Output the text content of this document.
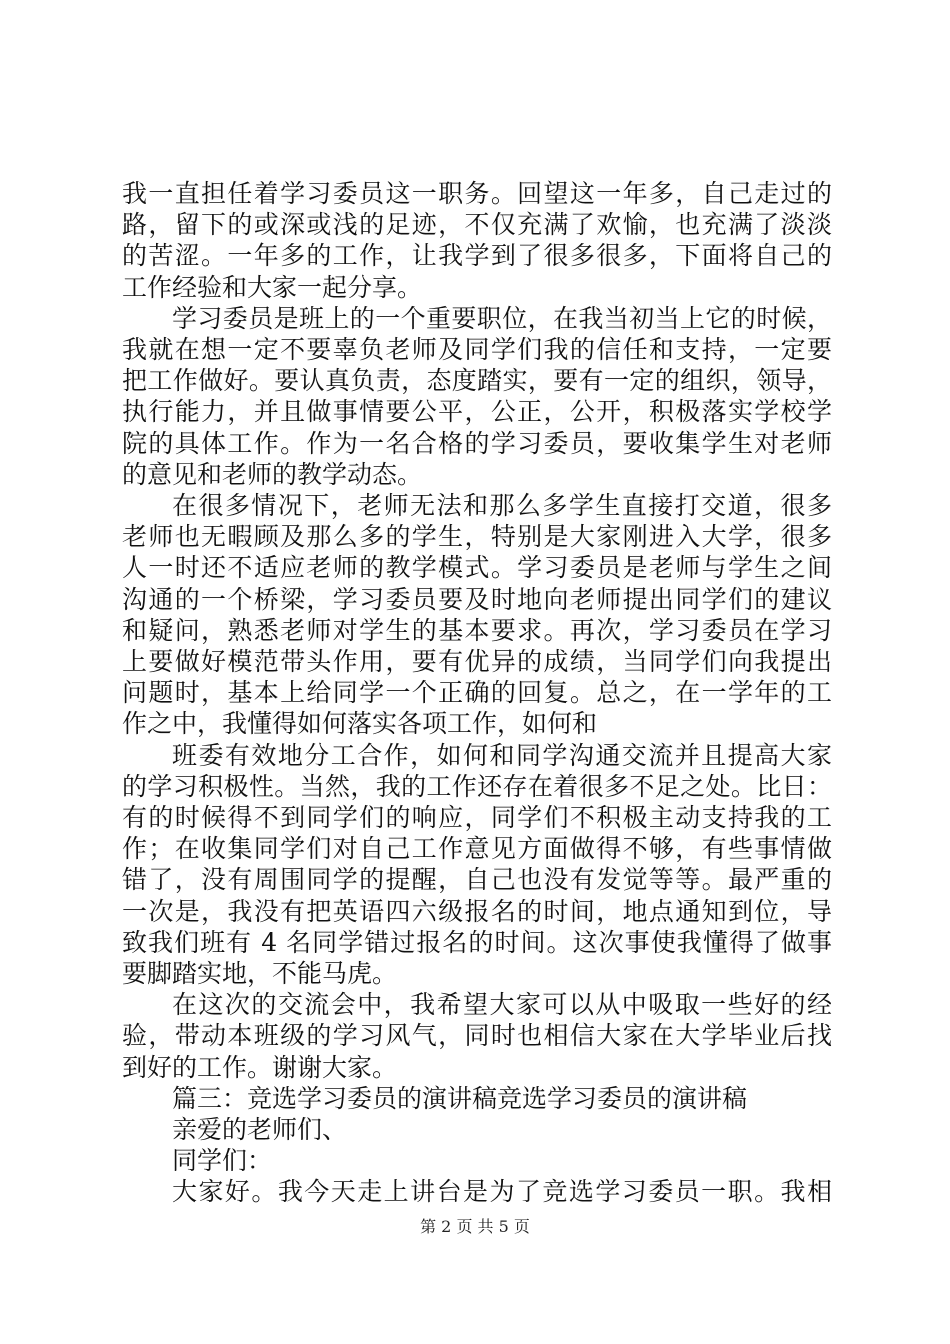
我一直担任着学习委员这一职务。回望这一年多，自己走过的
路，留下的或深或浅的足迹，不仅充满了欢愉，也充满了淡淡
的苦涩。一年多的工作，让我学到了很多很多，下面将自己的
工作经验和大家一起分享。
学习委员是班上的一个重要职位，在我当初当上它的时候，
我就在想一定不要辜负老师及同学们我的信任和支持，一定要
把工作做好。要认真负责，态度踏实，要有一定的组织，领导，
执行能力，并且做事情要公平，公正，公开，积极落实学校学
院的具体工作。作为一名合格的学习委员，要收集学生对老师
的意见和老师的教学动态。
在很多情况下，老师无法和那么多学生直接打交道，很多
老师也无暇顾及那么多的学生，特别是大家刚进入大学，很多
人一时还不适应老师的教学模式。学习委员是老师与学生之间
沟通的一个桥梁，学习委员要及时地向老师提出同学们的建议
和疑问，熟悉老师对学生的基本要求。再次，学习委员在学习
上要做好模范带头作用，要有优异的成绩，当同学们向我提出
问题时，基本上给同学一个正确的回复。总之，在一学年的工
作之中，我懂得如何落实各项工作，如何和
班委有效地分工合作，如何和同学沟通交流并且提高大家
的学习积极性。当然，我的工作还存在着很多不足之处。比日：
有的时候得不到同学们的响应，同学们不积极主动支持我的工
作；在收集同学们对自己工作意见方面做得不够，有些事情做
错了，没有周围同学的提醒，自己也没有发觉等等。最严重的
一次是，我没有把英语四六级报名的时间，地点通知到位，导
致我们班有 4 名同学错过报名的时间。这次事使我懂得了做事
要脚踏实地，不能马虎。
在这次的交流会中，我希望大家可以从中吸取一些好的经
验，带动本班级的学习风气，同时也相信大家在大学毕业后找
到好的工作。谢谢大家。
篇三：竞选学习委员的演讲稿竞选学习委员的演讲稿
亲爱的老师们、
同学们：
大家好。我今天走上讲台是为了竞选学习委员一职。我相
第 2 页 共 5 页
